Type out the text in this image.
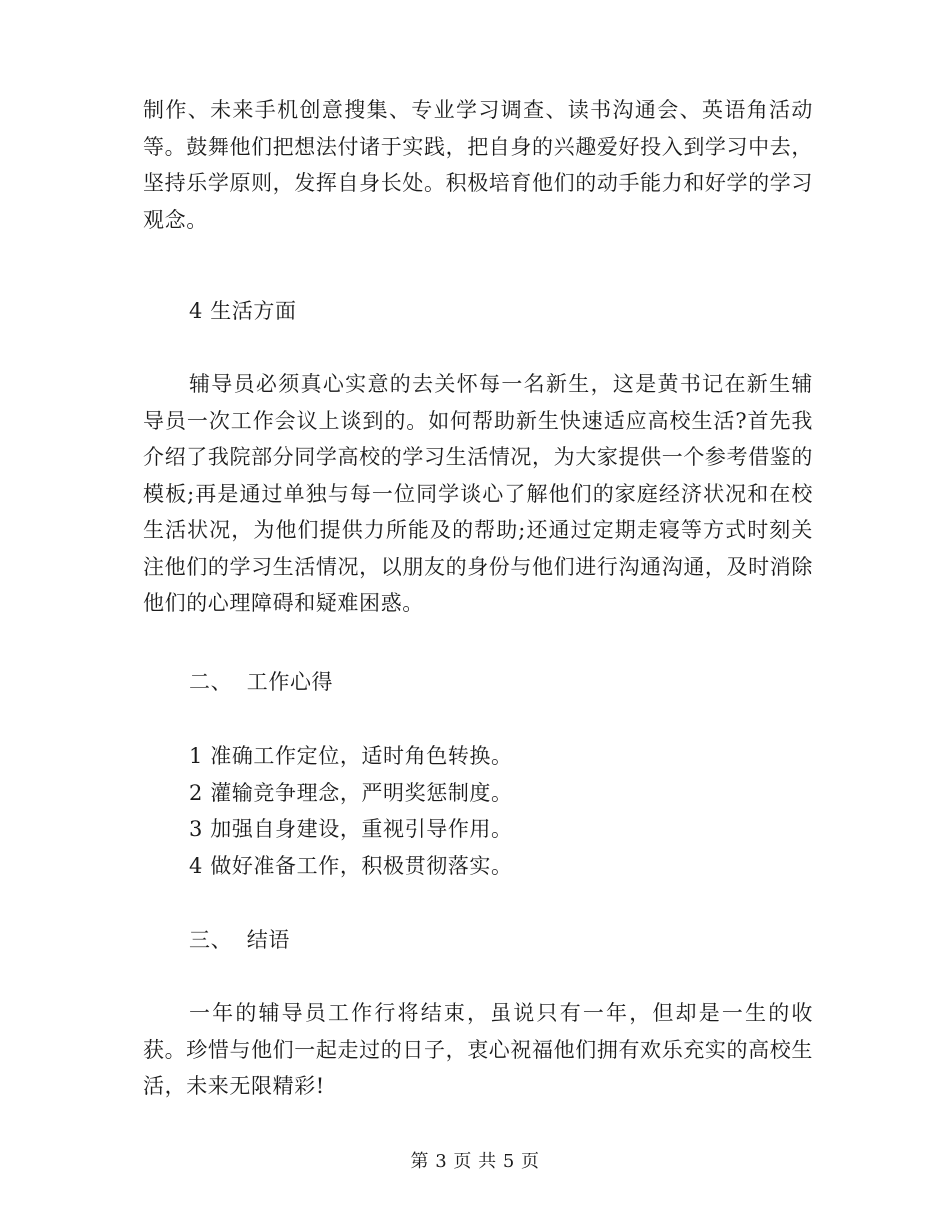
制作、未来手机创意搜集、专业学习调查、读书沟通会、英语角活动等。鼓舞他们把想法付诸于实践，把自身的兴趣爱好投入到学习中去，坚持乐学原则，发挥自身长处。积极培育他们的动手能力和好学的学习观念。

4 生活方面

辅导员必须真心实意的去关怀每一名新生，这是黄书记在新生辅导员一次工作会议上谈到的。如何帮助新生快速适应高校生活?首先我介绍了我院部分同学高校的学习生活情况，为大家提供一个参考借鉴的模板;再是通过单独与每一位同学谈心了解他们的家庭经济状况和在校生活状况，为他们提供力所能及的帮助;还通过定期走寝等方式时刻关注他们的学习生活情况，以朋友的身份与他们进行沟通沟通，及时消除他们的心理障碍和疑难困惑。

二、  工作心得
1 准确工作定位，适时角色转换。
2 灌输竞争理念，严明奖惩制度。
3 加强自身建设，重视引导作用。
4 做好准备工作，积极贯彻落实。
三、  结语

一年的辅导员工作行将结束，虽说只有一年，但却是一生的收获。珍惜与他们一起走过的日子，衷心祝福他们拥有欢乐充实的高校生活，未来无限精彩!

第 3 页 共 5 页
